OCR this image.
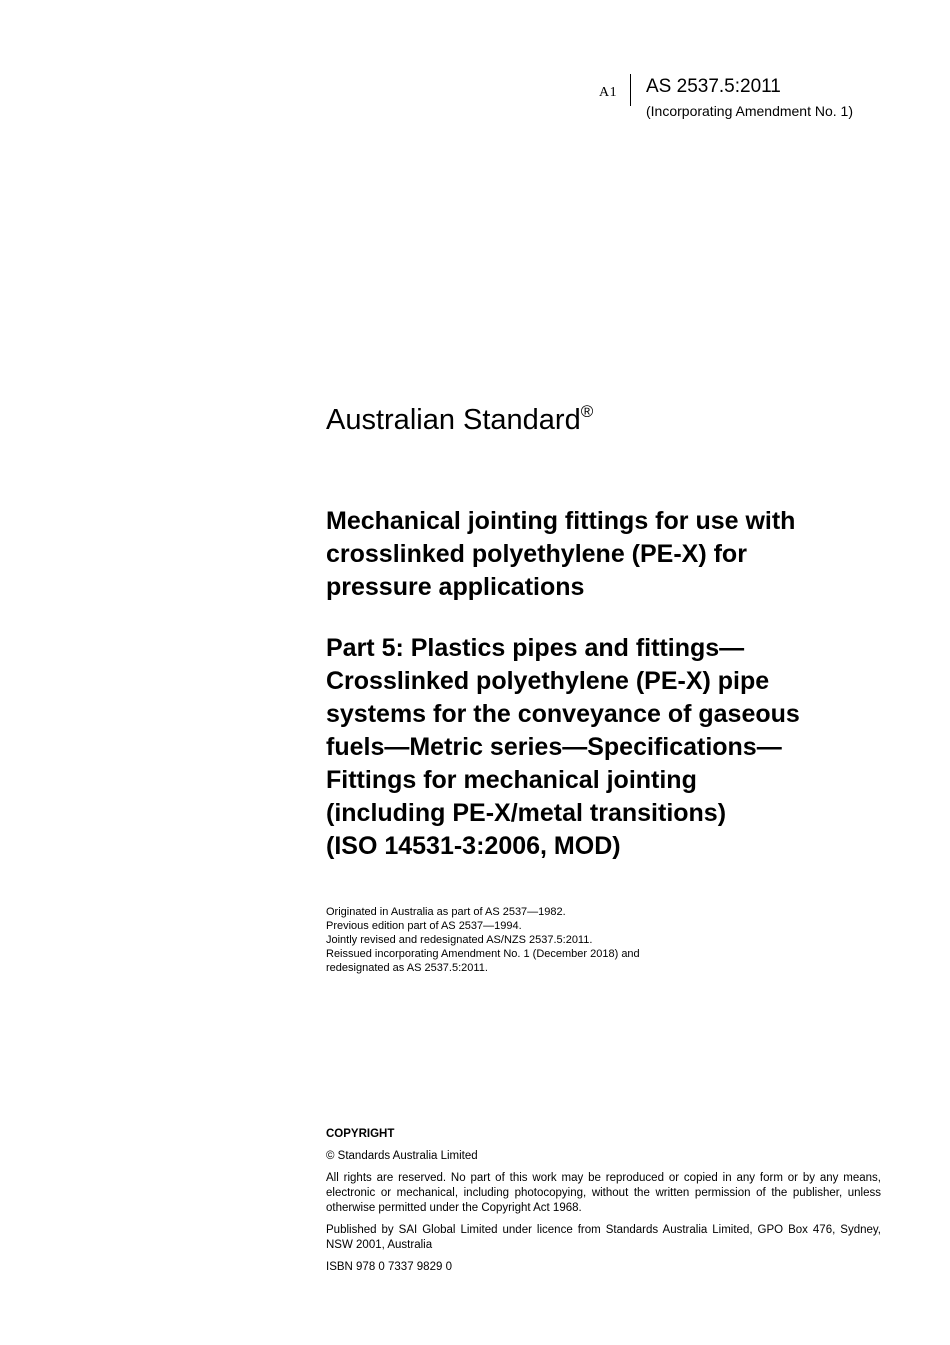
A1 AS 2537.5:2011
(Incorporating Amendment No. 1)
Australian Standard®
Mechanical jointing fittings for use with
crosslinked polyethylene (PE-X) for
pressure applications
Part 5: Plastics pipes and fittings—
Crosslinked polyethylene (PE-X) pipe
systems for the conveyance of gaseous
fuels—Metric series—Specifications—
Fittings for mechanical jointing
(including PE-X/metal transitions)
(ISO 14531-3:2006, MOD)
Originated in Australia as part of AS 2537—1982.
Previous edition part of AS 2537—1994.
Jointly revised and redesignated AS/NZS 2537.5:2011.
Reissued incorporating Amendment No. 1 (December 2018) and
redesignated as AS 2537.5:2011.
COPYRIGHT

© Standards Australia Limited

All rights are reserved. No part of this work may be reproduced or copied in any form or by any means, electronic or mechanical, including photocopying, without the written permission of the publisher, unless otherwise permitted under the Copyright Act 1968.

Published by SAI Global Limited under licence from Standards Australia Limited, GPO Box 476, Sydney, NSW 2001, Australia

ISBN 978 0 7337 9829 0
